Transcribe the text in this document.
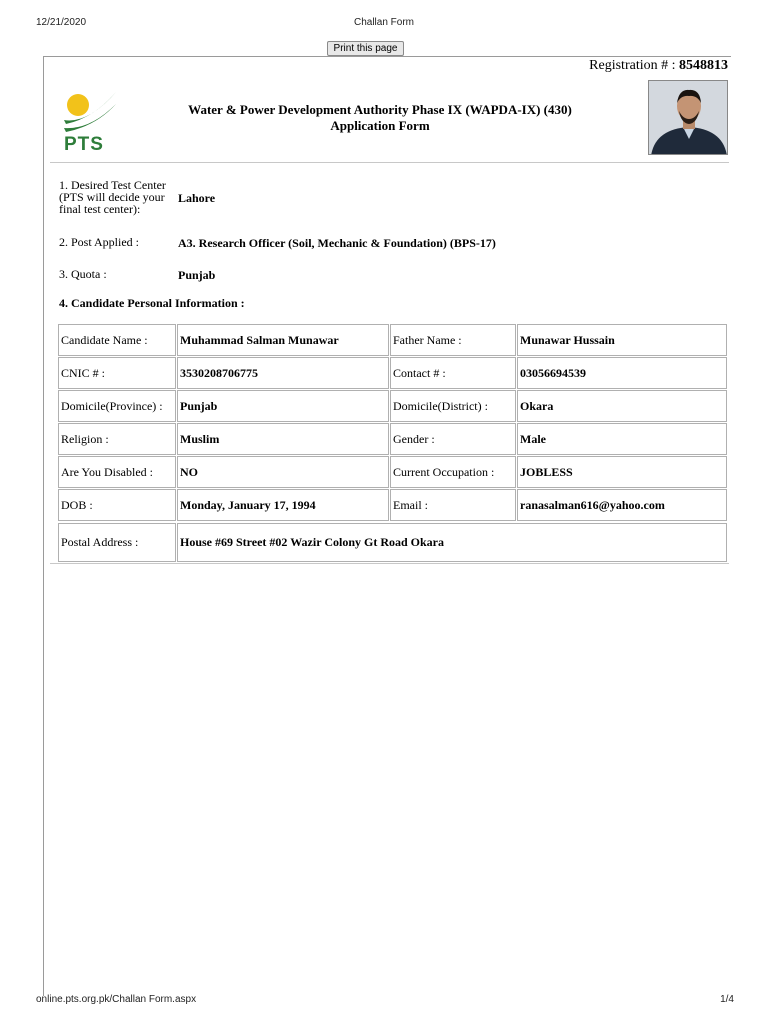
12/21/2020	Challan Form
Print this page
Registration # : 8548813
PTS
Water & Power Development Authority Phase IX (WAPDA-IX) (430)
Application Form
1. Desired Test Center
(PTS will decide your
final test center):
Lahore
2. Post Applied :	A3. Research Officer (Soil, Mechanic & Foundation) (BPS-17)
3. Quota :	Punjab
4. Candidate Personal Information :
Candidate Name :	Muhammad Salman Munawar	Father Name :	Munawar Hussain
CNIC # :	3530208706775	Contact # :	03056694539
Domicile(Province) :	Punjab	Domicile(District) :	Okara
Religion :	Muslim	Gender :	Male
Are You Disabled :	NO	Current Occupation :	JOBLESS
DOB :	Monday, January 17, 1994	Email :	ranasalman616@yahoo.com
Postal Address :	House #69 Street #02 Wazir Colony Gt Road Okara
online.pts.org.pk/Challan Form.aspx	1/4
